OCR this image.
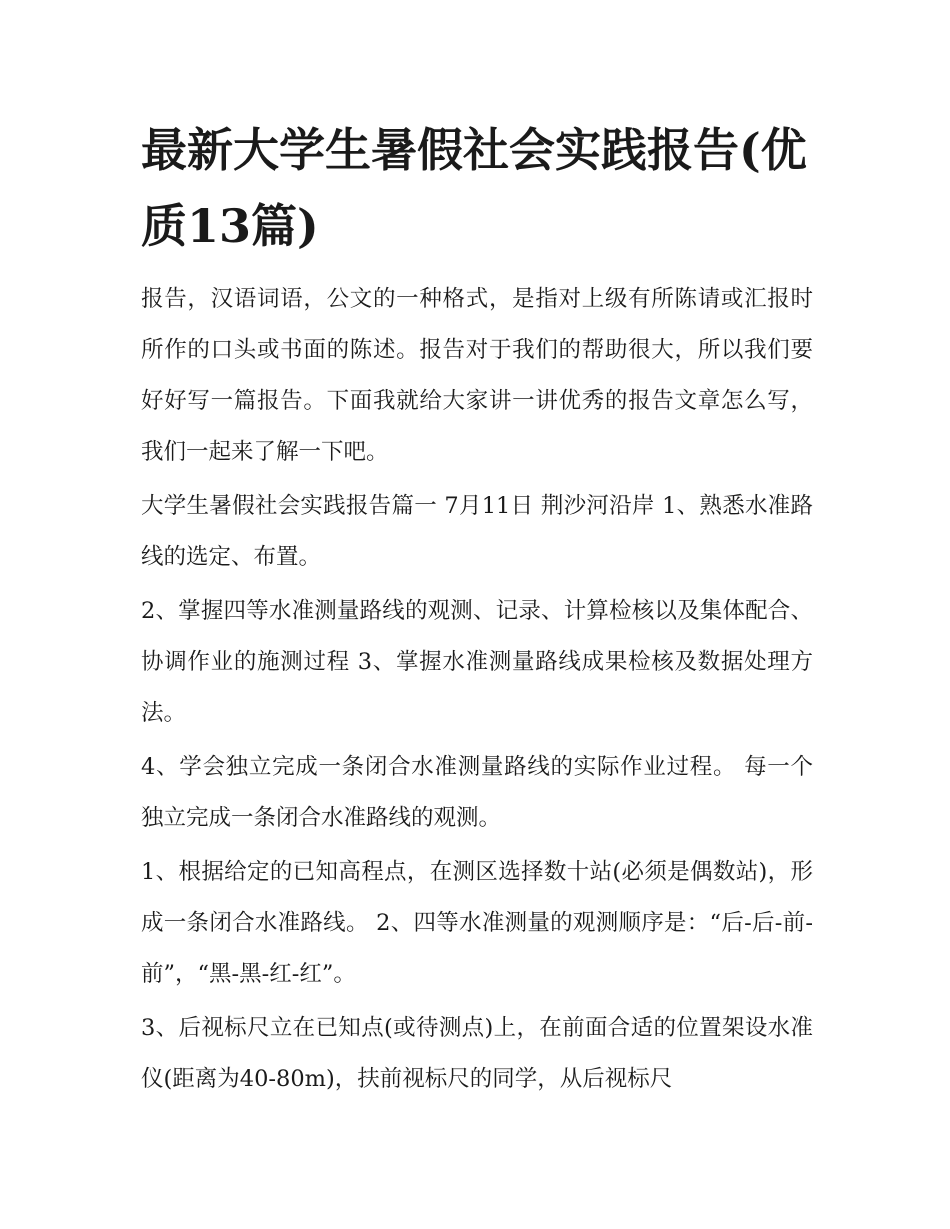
最新大学生暑假社会实践报告(优质13篇)

报告，汉语词语，公文的一种格式，是指对上级有所陈请或汇报时所作的口头或书面的陈述。报告对于我们的帮助很大，所以我们要好好写一篇报告。下面我就给大家讲一讲优秀的报告文章怎么写，我们一起来了解一下吧。

大学生暑假社会实践报告篇一 7月11日 荆沙河沿岸 1、熟悉水准路线的选定、布置。

2、掌握四等水准测量路线的观测、记录、计算检核以及集体配合、协调作业的施测过程 3、掌握水准测量路线成果检核及数据处理方法。

4、学会独立完成一条闭合水准测量路线的实际作业过程。 每一个独立完成一条闭合水准路线的观测。

1、根据给定的已知高程点，在测区选择数十站(必须是偶数站)，形成一条闭合水准路线。 2、四等水准测量的观测顺序是：“后-后-前-前”，“黑-黑-红-红”。

3、后视标尺立在已知点(或待测点)上，在前面合适的位置架设水准仪(距离为40-80m)，扶前视标尺的同学，从后视标尺
